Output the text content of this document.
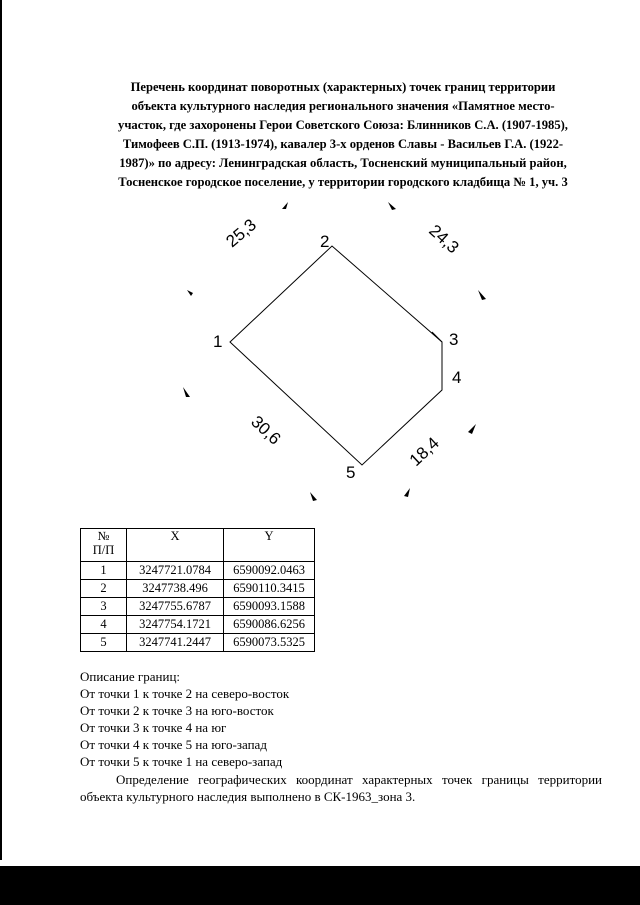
Перечень координат поворотных (характерных) точек границ территории
объекта культурного наследия регионального значения «Памятное место-
участок, где захоронены Герои Советского Союза: Блинников С.А. (1907-1985),
Тимофеев С.П. (1913-1974), кавалер 3-х орденов Славы - Васильев Г.А. (1922-
1987)» по адресу: Ленинградская область, Тосненский муниципальный район,
Тосненское городское поселение, у территории городского кладбища № 1, уч. 3
1
2
3
4
5
25,3	24,3
18,4
30,6
№
П/П	X	Y
1	3247721.0784	6590092.0463
2	3247738.496	6590110.3415
3	3247755.6787	6590093.1588
4	3247754.1721	6590086.6256
5	3247741.2447	6590073.5325
Описание границ:
От точки 1 к точке 2 на северо-восток
От точки 2 к точке 3 на юго-восток
От точки 3 к точке 4 на юг
От точки 4 к точке 5 на юго-запад
От точки 5 к точке 1 на северо-запад
Определение географических координат характерных точек границы территории объекта культурного наследия выполнено в СК-1963_зона 3.
